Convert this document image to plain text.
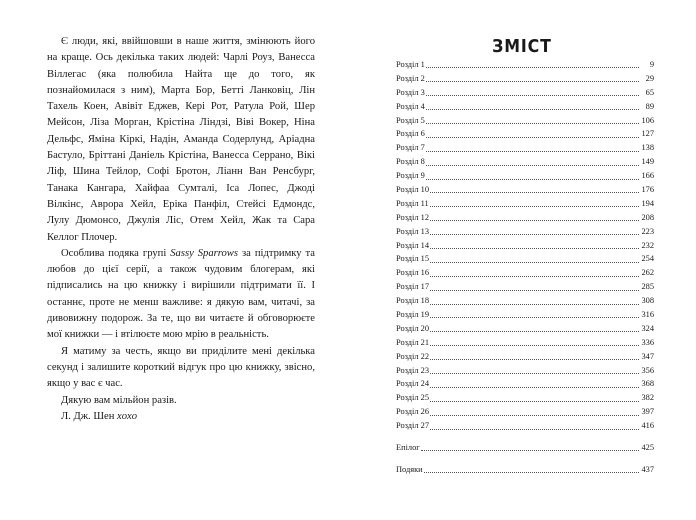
Є люди, які, ввійшовши в наше життя, змінюють його на краще. Ось декілька таких людей: Чарлі Роуз, Ванесса Віллегас (яка полюбила Найта ще до того, як познайомилася з ним), Марта Бор, Бетті Ланковіц, Лін Тахель Коен, Авівіт Еджев, Кері Рот, Ратула Рой, Шер Мейсон, Ліза Морган, Крістіна Ліндзі, Віві Вокер, Ніна Дельфс, Яміна Кіркі, Надін, Аманда Содерлунд, Аріадна Бастуло, Бріттані Даніель Крістіна, Ванесса Серрано, Вікі Ліф, Шина Тейлор, Софі Бротон, Ліанн Ван Ренсбург, Танака Кангара, Хайфаа Сумталі, Іса Лопес, Джоді Вілкінс, Аврора Хейл, Еріка Панфіл, Стейсі Едмондс, Лулу Дюмонсо, Джулія Ліс, Отем Хейл, Жак та Сара Келлог Плочер.

Особлива подяка групі Sassy Sparrows за підтримку та любов до цієї серії, а також чудовим блогерам, які підписались на цю книжку і вирішили підтримати її. І останнє, проте не менш важливе: я дякую вам, читачі, за дивовижну подорож. За те, що ви читаєте й обговорюєте мої книжки — і втілюєте мою мрію в реальність.

Я матиму за честь, якщо ви приділите мені декілька секунд і залишите короткий відгук про цю книжку, звісно, якщо у вас є час.

Дякую вам мільйон разів.

Л. Дж. Шен xoxo

ЗМІСТ
Розділ 1	9
Розділ 2	29
Розділ 3	65
Розділ 4	89
Розділ 5	106
Розділ 6	127
Розділ 7	138
Розділ 8	149
Розділ 9	166
Розділ 10	176
Розділ 11	194
Розділ 12	208
Розділ 13	223
Розділ 14	232
Розділ 15	254
Розділ 16	262
Розділ 17	285
Розділ 18	308
Розділ 19	316
Розділ 20	324
Розділ 21	336
Розділ 22	347
Розділ 23	356
Розділ 24	368
Розділ 25	382
Розділ 26	397
Розділ 27	416
Епілог	425
Подяки	437
